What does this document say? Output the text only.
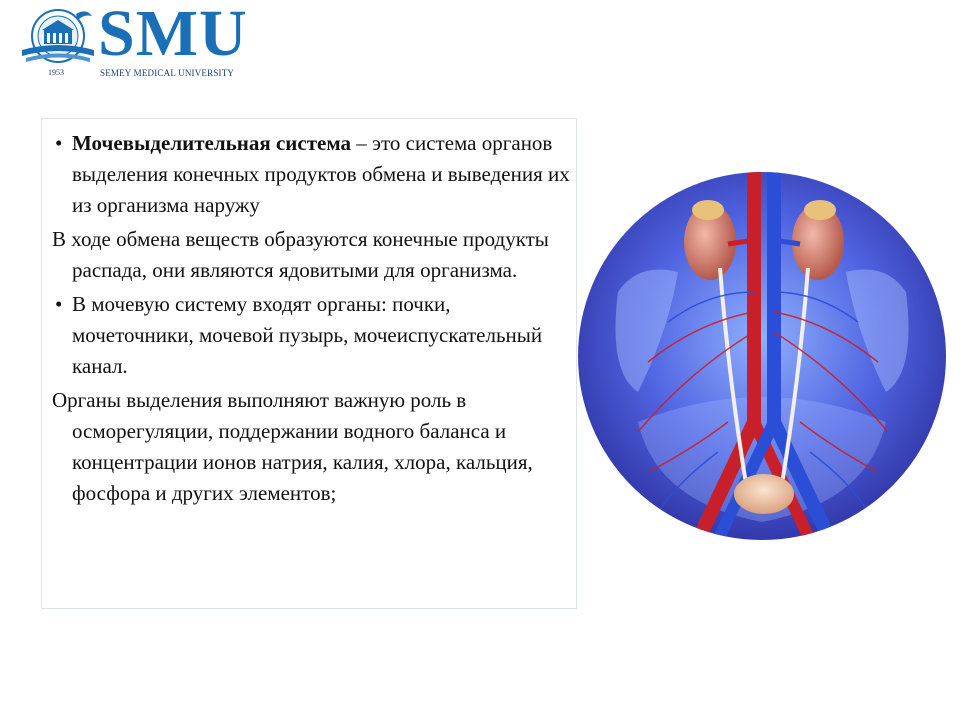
SMU
1953	SEMEY MEDICAL UNIVERSITY

• Мочевыделительная система – это система органов выделения конечных продуктов обмена и выведения их из организма наружу

В ходе обмена веществ образуются конечные продукты распада, они являются ядовитыми для организма.

• В мочевую систему входят органы: почки, мочеточники, мочевой пузырь, мочеиспускательный канал.

Органы выделения выполняют важную роль в осморегуляции, поддержании водного баланса и концентрации ионов натрия, калия, хлора, кальция, фосфора и других элементов;
